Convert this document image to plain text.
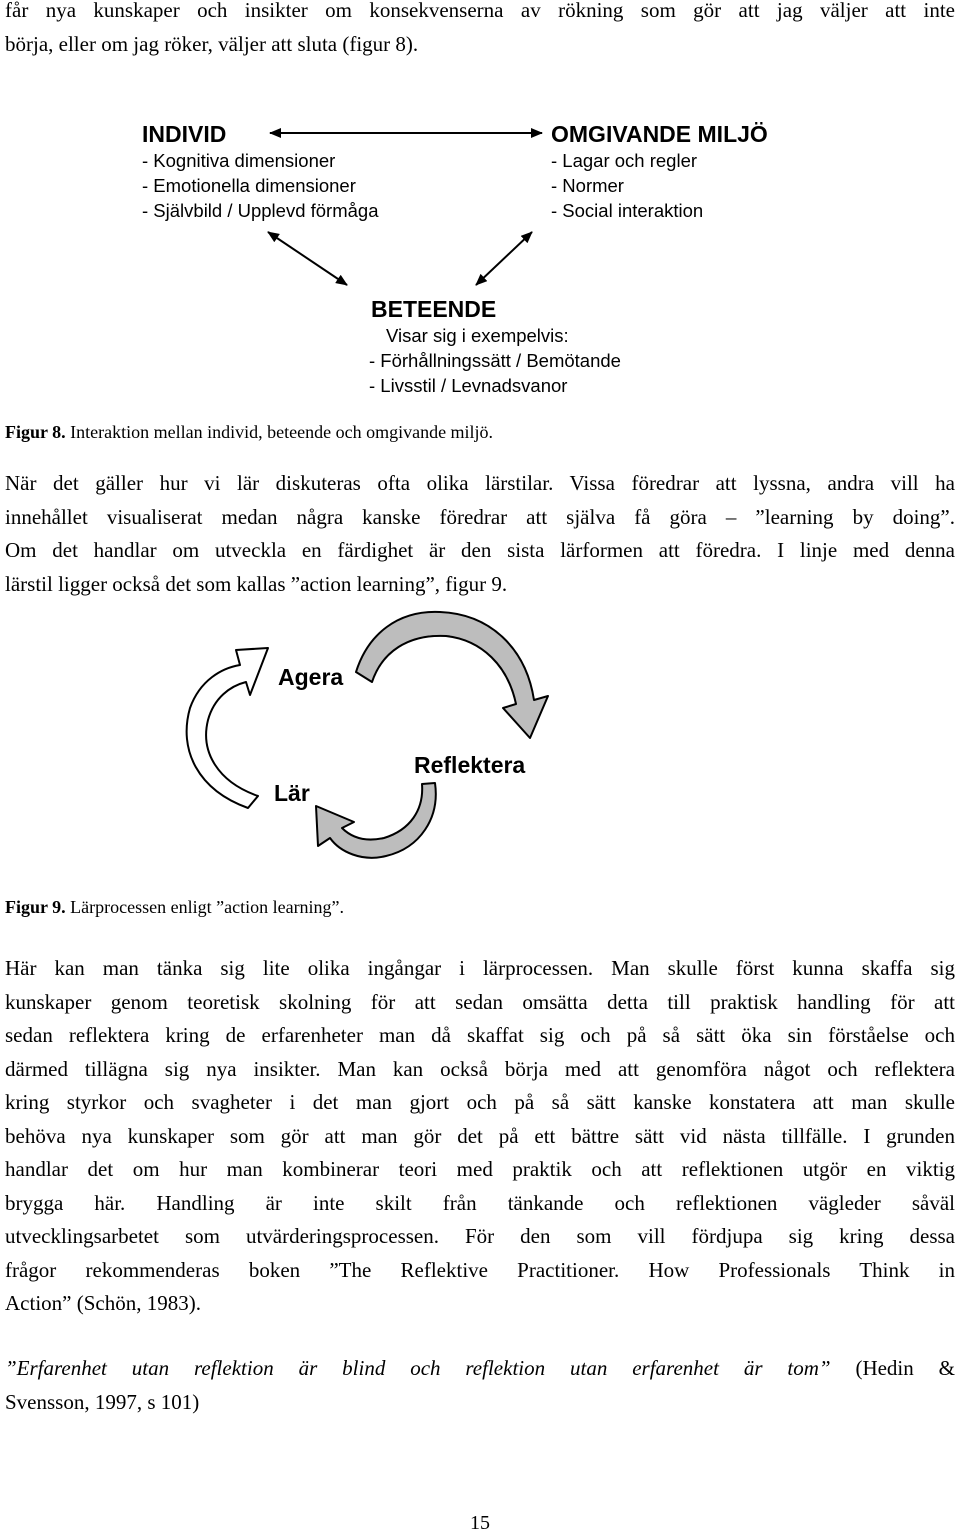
får nya kunskaper och insikter om konsekvenserna av rökning som gör att jag väljer att inte
börja, eller om jag röker, väljer att sluta (figur 8).
INDIVID
- Kognitiva dimensioner
- Emotionella dimensioner
- Självbild / Upplevd förmåga
OMGIVANDE MILJÖ
- Lagar och regler
- Normer
- Social interaktion
BETEENDE
Visar sig i exempelvis:
- Förhållningssätt / Bemötande
- Livsstil / Levnadsvanor
Figur 8. Interaktion mellan individ, beteende och omgivande miljö.
När det gäller hur vi lär diskuteras ofta olika lärstilar. Vissa föredrar att lyssna, andra vill ha
innehållet visualiserat medan några kanske föredrar att själva få göra – ”learning by doing”.
Om det handlar om utveckla en färdighet är den sista lärformen att föredra. I linje med denna
lärstil ligger också det som kallas ”action learning”, figur 9.
Agera
Reflektera
Lär
Figur 9. Lärprocessen enligt ”action learning”.
Här kan man tänka sig lite olika ingångar i lärprocessen. Man skulle först kunna skaffa sig
kunskaper genom teoretisk skolning för att sedan omsätta detta till praktisk handling för att
sedan reflektera kring de erfarenheter man då skaffat sig och på så sätt öka sin förståelse och
därmed tillägna sig nya insikter. Man kan också börja med att genomföra något och reflektera
kring styrkor och svagheter i det man gjort och på så sätt kanske konstatera att man skulle
behöva nya kunskaper som gör att man gör det på ett bättre sätt vid nästa tillfälle. I grunden
handlar det om hur man kombinerar teori med praktik och att reflektionen utgör en viktig
brygga här. Handling är inte skilt från tänkande och reflektionen vägleder såväl
utvecklingsarbetet som utvärderingsprocessen. För den som vill fördjupa sig kring dessa
frågor rekommenderas boken ”The Reflektive Practitioner. How Professionals Think in
Action” (Schön, 1983).
”Erfarenhet utan reflektion är blind och reflektion utan erfarenhet är tom” (Hedin &
Svensson, 1997, s 101)
15
